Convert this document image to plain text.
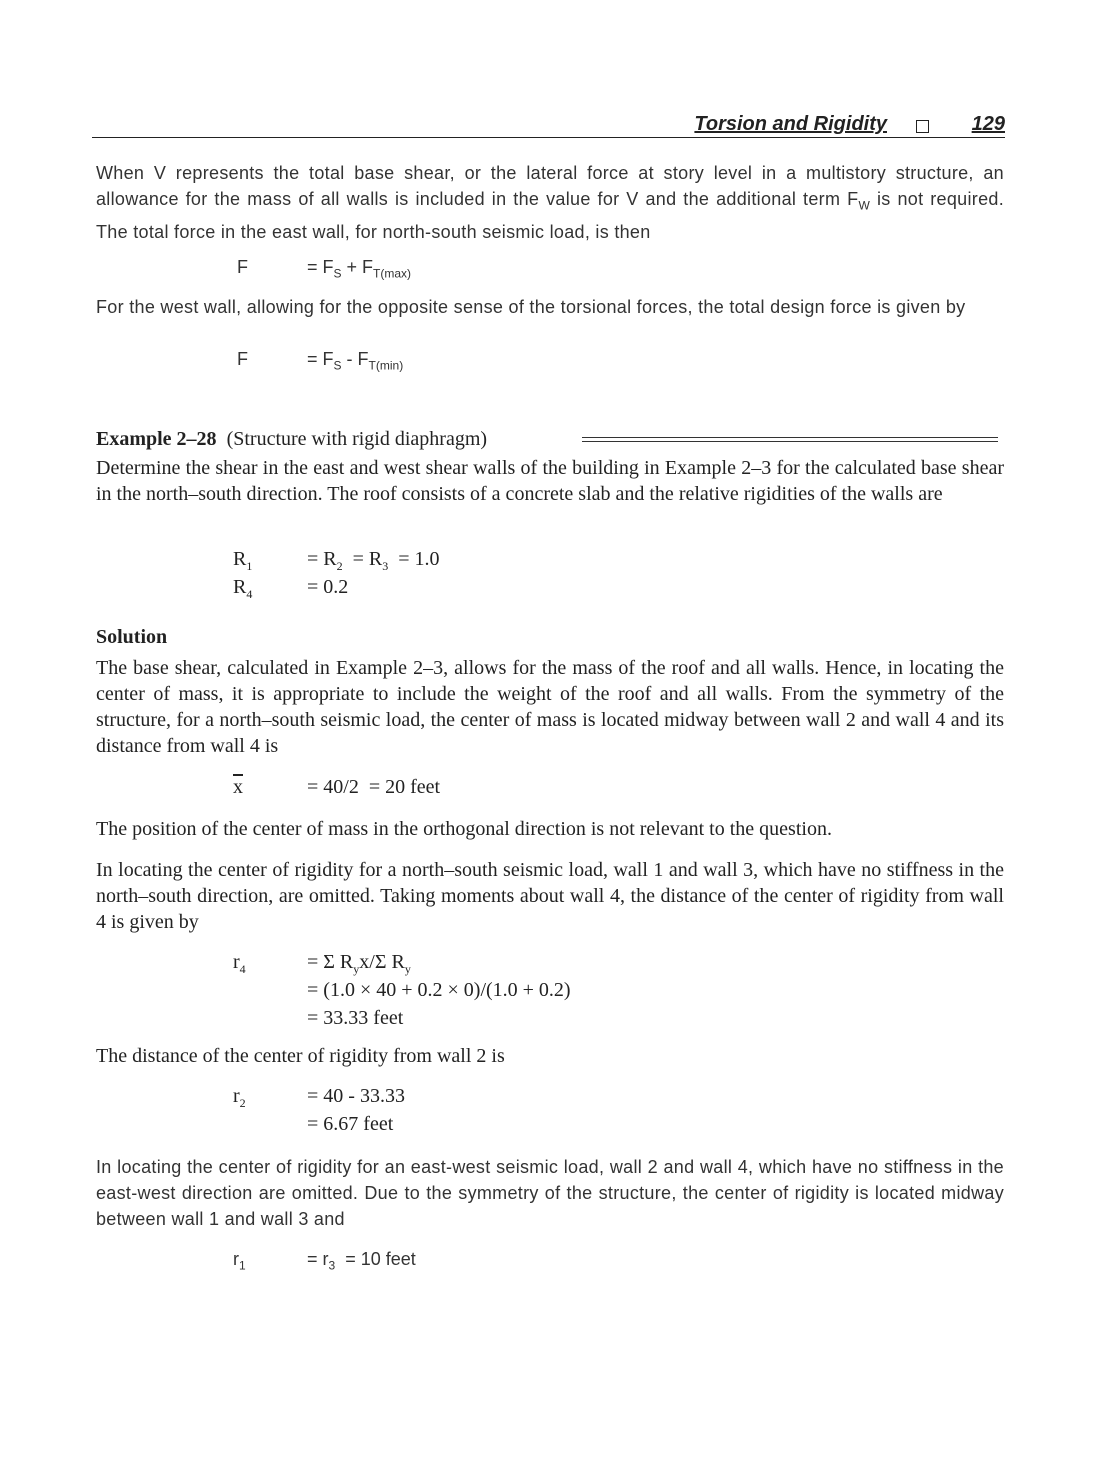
Torsion and Rigidity	129

When V represents the total base shear, or the lateral force at story level in a multistory structure, an allowance for the mass of all walls is included in the value for V and the additional term $F_W$ is not required. The total force in the east wall, for north-south seismic load, is then

F	= $F_S + F_{T(max)}$

For the west wall, allowing for the opposite sense of the torsional forces, the total design force is given by

F	= $F_S - F_{T(min)}$
Example 2–28 (Structure with rigid diaphragm)

Determine the shear in the east and west shear walls of the building in Example 2–3 for the calculated base shear in the north–south direction. The roof consists of a concrete slab and the relative rigidities of the walls are

$R_1$	= $R_2 = R_3 = 1.0$
$R_4$	= 0.2
Solution

The base shear, calculated in Example 2–3, allows for the mass of the roof and all walls. Hence, in locating the center of mass, it is appropriate to include the weight of the roof and all walls. From the symmetry of the structure, for a north–south seismic load, the center of mass is located midway between wall 2 and wall 4 and its distance from wall 4 is

$\overline{x}$	= 40/2  = 20 feet

The position of the center of mass in the orthogonal direction is not relevant to the question.

In locating the center of rigidity for a north–south seismic load, wall 1 and wall 3, which have no stiffness in the north–south direction, are omitted. Taking moments about wall 4, the distance of the center of rigidity from wall 4 is given by

$r_4$	= Σ $R_yx/\Sigma$ $R_y$
= (1.0 × 40 + 0.2 × 0)/(1.0 + 0.2)
= 33.33 feet

The distance of the center of rigidity from wall 2 is

$r_2$	= 40 - 33.33
= 6.67 feet

In locating the center of rigidity for an east-west seismic load, wall 2 and wall 4, which have no stiffness in the east-west direction are omitted. Due to the symmetry of the structure, the center of rigidity is located midway between wall 1 and wall 3 and

$r_1$	= $r_3 = 10$ feet
